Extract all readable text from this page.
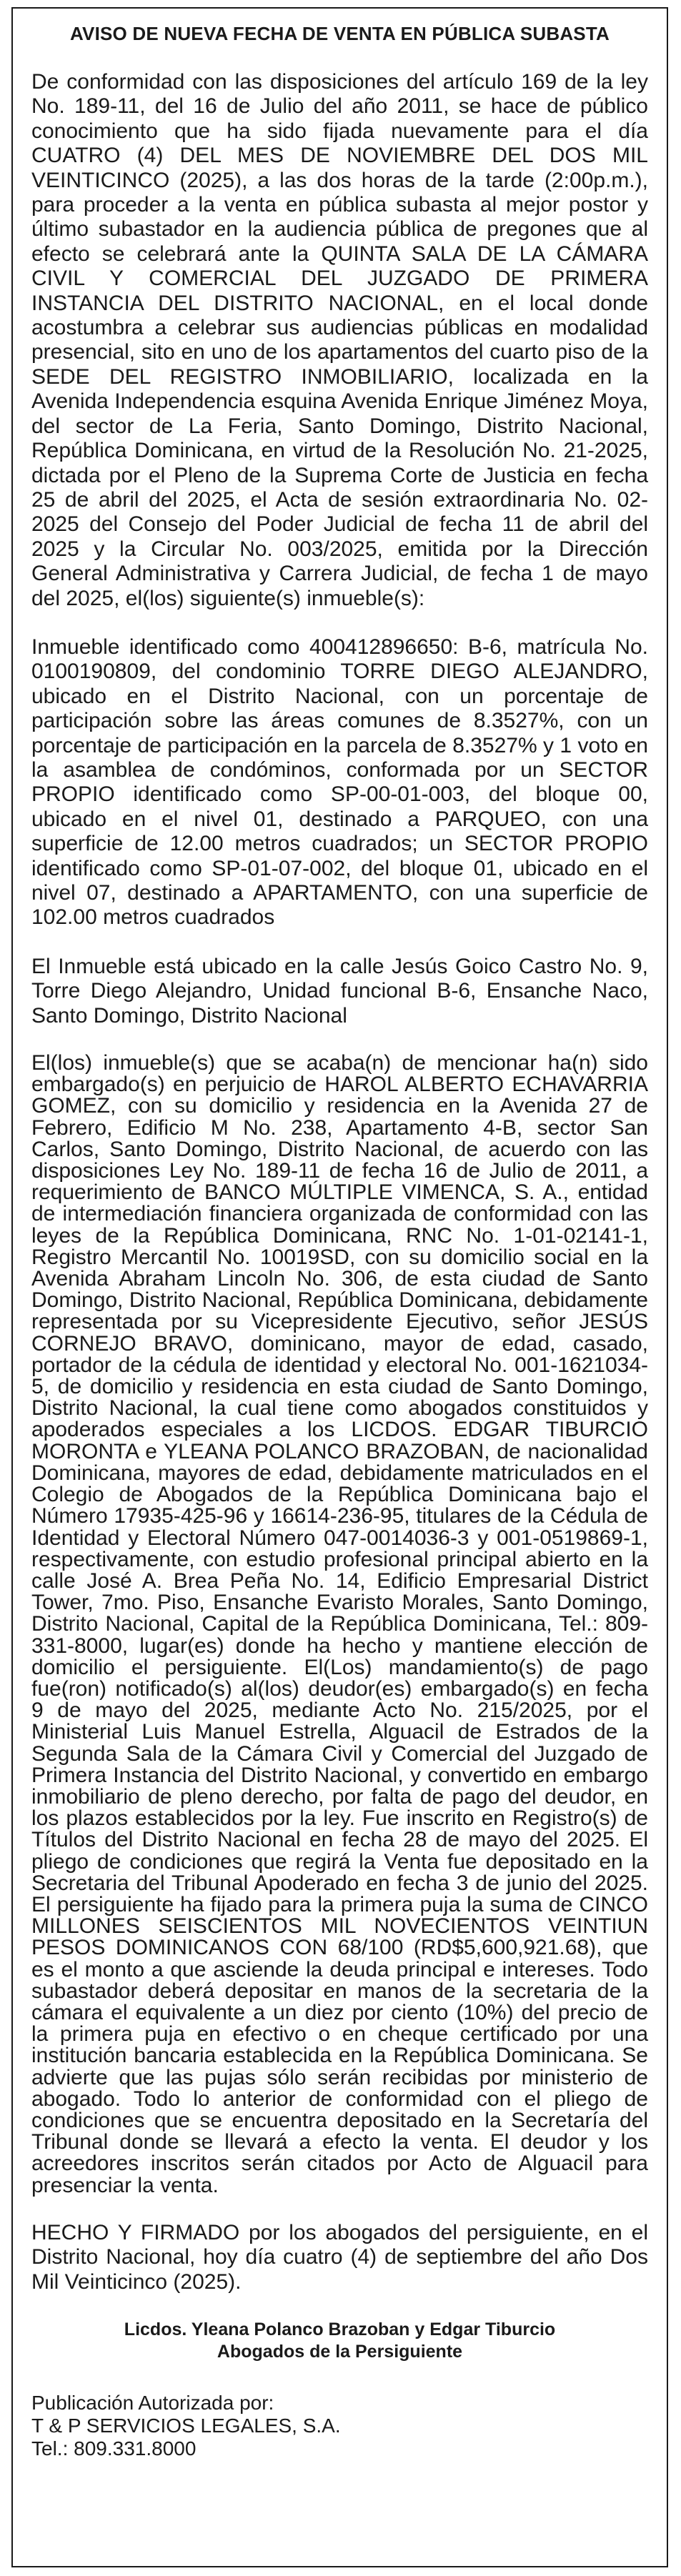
AVISO DE NUEVA FECHA DE VENTA EN PÚBLICA SUBASTA

De conformidad con las disposiciones del artículo 169 de la ley No. 189-11, del 16 de Julio del año 2011, se hace de público conocimiento que ha sido fijada nuevamente para el día CUATRO (4) DEL MES DE NOVIEMBRE DEL DOS MIL VEINTICINCO (2025), a las dos horas de la tarde (2:00p.m.), para proceder a la venta en pública subasta al mejor postor y último subastador en la audiencia pública de pregones que al efecto se celebrará ante la QUINTA SALA DE LA CÁMARA CIVIL Y COMERCIAL DEL JUZGADO DE PRIMERA INSTANCIA DEL DISTRITO NACIONAL, en el local donde acostumbra a celebrar sus audiencias públicas en modalidad presencial, sito en uno de los apartamentos del cuarto piso de la SEDE DEL REGISTRO INMOBILIARIO, localizada en la Avenida Independencia esquina Avenida Enrique Jiménez Moya, del sector de La Feria, Santo Domingo, Distrito Nacional, República Dominicana, en virtud de la Resolución No. 21-2025, dictada por el Pleno de la Suprema Corte de Justicia en fecha 25 de abril del 2025, el Acta de sesión extraordinaria No. 02-2025 del Consejo del Poder Judicial de fecha 11 de abril del 2025 y la Circular No. 003/2025, emitida por la Dirección General Administrativa y Carrera Judicial, de fecha 1 de mayo del 2025, el(los) siguiente(s) inmueble(s):

Inmueble identificado como 400412896650: B-6, matrícula No. 0100190809, del condominio TORRE DIEGO ALEJANDRO, ubicado en el Distrito Nacional, con un porcentaje de participación sobre las áreas comunes de 8.3527%, con un porcentaje de participación en la parcela de 8.3527% y 1 voto en la asamblea de condóminos, conformada por un SECTOR PROPIO identificado como SP-00-01-003, del bloque 00, ubicado en el nivel 01, destinado a PARQUEO, con una superficie de 12.00 metros cuadrados; un SECTOR PROPIO identificado como SP-01-07-002, del bloque 01, ubicado en el nivel 07, destinado a APARTAMENTO, con una superficie de 102.00 metros cuadrados

El Inmueble está ubicado en la calle Jesús Goico Castro No. 9, Torre Diego Alejandro, Unidad funcional B-6, Ensanche Naco, Santo Domingo, Distrito Nacional

El(los) inmueble(s) que se acaba(n) de mencionar ha(n) sido embargado(s) en perjuicio de HAROL ALBERTO ECHAVARRIA GOMEZ, con su domicilio y residencia en la Avenida 27 de Febrero, Edificio M No. 238, Apartamento 4-B, sector San Carlos, Santo Domingo, Distrito Nacional, de acuerdo con las disposiciones Ley No. 189-11 de fecha 16 de Julio de 2011, a requerimiento de BANCO MÚLTIPLE VIMENCA, S. A., entidad de intermediación financiera organizada de conformidad con las leyes de la República Dominicana, RNC No. 1-01-02141-1, Registro Mercantil No. 10019SD, con su domicilio social en la Avenida Abraham Lincoln No. 306, de esta ciudad de Santo Domingo, Distrito Nacional, República Dominicana, debidamente representada por su Vicepresidente Ejecutivo, señor JESÚS CORNEJO BRAVO, dominicano, mayor de edad, casado, portador de la cédula de identidad y electoral No. 001-1621034-5, de domicilio y residencia en esta ciudad de Santo Domingo, Distrito Nacional, la cual tiene como abogados constituidos y apoderados especiales a los LICDOS. EDGAR TIBURCIO MORONTA e YLEANA POLANCO BRAZOBAN, de nacionalidad Dominicana, mayores de edad, debidamente matriculados en el Colegio de Abogados de la República Dominicana bajo el Número 17935-425-96 y 16614-236-95, titulares de la Cédula de Identidad y Electoral Número 047-0014036-3 y 001-0519869-1, respectivamente, con estudio profesional principal abierto en la calle José A. Brea Peña No. 14, Edificio Empresarial District Tower, 7mo. Piso, Ensanche Evaristo Morales, Santo Domingo, Distrito Nacional, Capital de la República Dominicana, Tel.: 809-331-8000, lugar(es) donde ha hecho y mantiene elección de domicilio el persiguiente. El(Los) mandamiento(s) de pago fue(ron) notificado(s) al(los) deudor(es) embargado(s) en fecha 9 de mayo del 2025, mediante Acto No. 215/2025, por el Ministerial Luis Manuel Estrella, Alguacil de Estrados de la Segunda Sala de la Cámara Civil y Comercial del Juzgado de Primera Instancia del Distrito Nacional, y convertido en embargo inmobiliario de pleno derecho, por falta de pago del deudor, en los plazos establecidos por la ley. Fue inscrito en Registro(s) de Títulos del Distrito Nacional en fecha 28 de mayo del 2025. El pliego de condiciones que regirá la Venta fue depositado en la Secretaria del Tribunal Apoderado en fecha 3 de junio del 2025. El persiguiente ha fijado para la primera puja la suma de CINCO MILLONES SEISCIENTOS MIL NOVECIENTOS VEINTIUN PESOS DOMINICANOS CON 68/100 (RD$5,600,921.68), que es el monto a que asciende la deuda principal e intereses. Todo subastador deberá depositar en manos de la secretaria de la cámara el equivalente a un diez por ciento (10%) del precio de la primera puja en efectivo o en cheque certificado por una institución bancaria establecida en la República Dominicana. Se advierte que las pujas sólo serán recibidas por ministerio de abogado. Todo lo anterior de conformidad con el pliego de condiciones que se encuentra depositado en la Secretaría del Tribunal donde se llevará a efecto la venta. El deudor y los acreedores inscritos serán citados por Acto de Alguacil para presenciar la venta.

HECHO Y FIRMADO por los abogados del persiguiente, en el Distrito Nacional, hoy día cuatro (4) de septiembre del año Dos Mil Veinticinco (2025).

Licdos. Yleana Polanco Brazoban y Edgar Tiburcio
Abogados de la Persiguiente
Publicación Autorizada por:
T & P SERVICIOS LEGALES, S.A.
Tel.: 809.331.8000
